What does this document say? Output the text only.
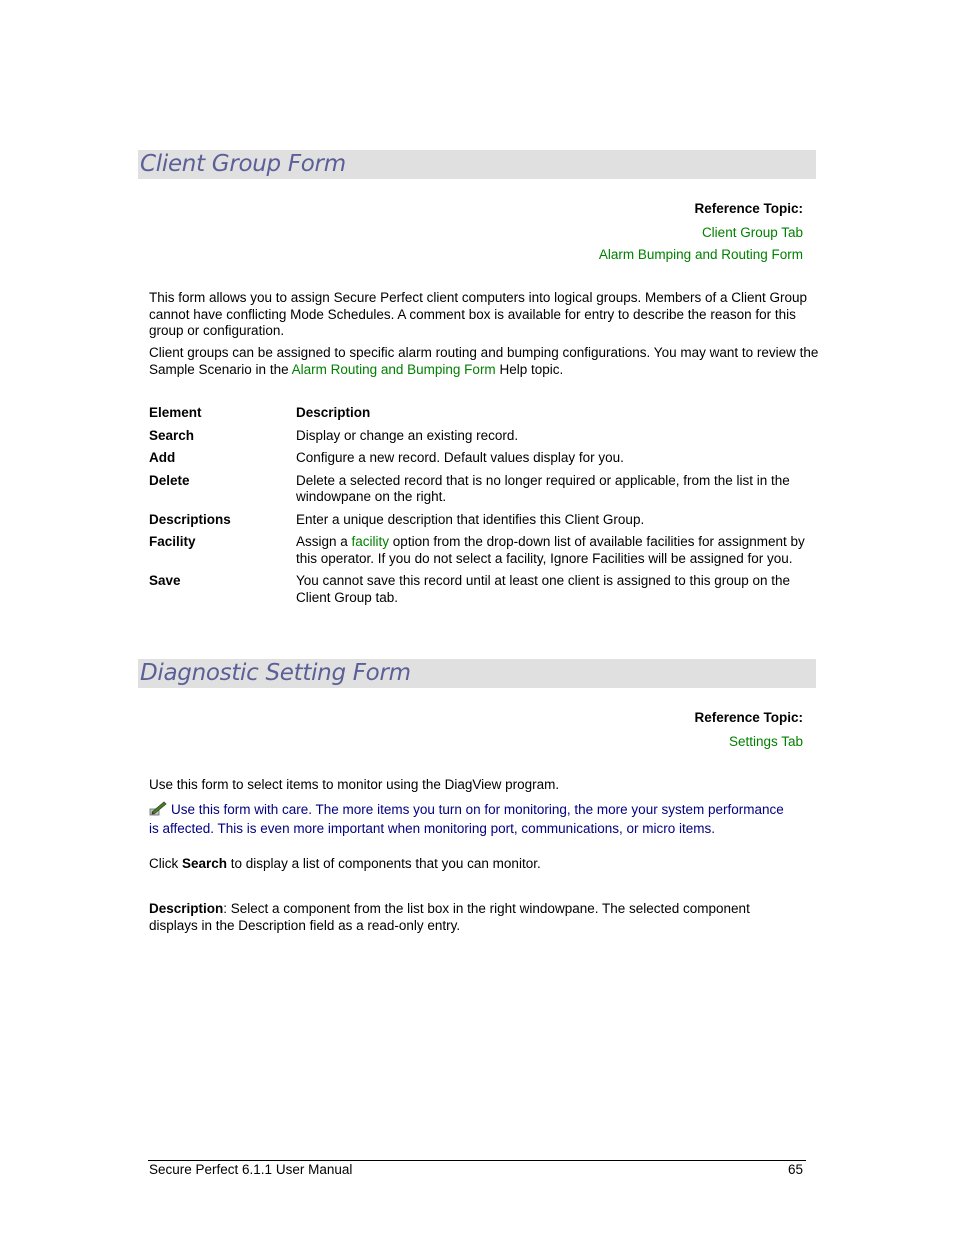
Client Group Form
Reference Topic:
Client Group Tab
Alarm Bumping and Routing Form

This form allows you to assign Secure Perfect client computers into logical groups. Members of a Client Group cannot have conflicting Mode Schedules. A comment box is available for entry to describe the reason for this group or configuration.

Client groups can be assigned to specific alarm routing and bumping configurations. You may want to review the Sample Scenario in the Alarm Routing and Bumping Form Help topic.

Element	Description
Search	Display or change an existing record.
Add	Configure a new record. Default values display for you.
Delete	Delete a selected record that is no longer required or applicable, from the list in the windowpane on the right.
Descriptions	Enter a unique description that identifies this Client Group.
Facility	Assign a facility option from the drop-down list of available facilities for assignment by this operator. If you do not select a facility, Ignore Facilities will be assigned for you.
Save	You cannot save this record until at least one client is assigned to this group on the Client Group tab.
Diagnostic Setting Form
Reference Topic:
Settings Tab

Use this form to select items to monitor using the DiagView program.

Use this form with care. The more items you turn on for monitoring, the more your system performance is affected. This is even more important when monitoring port, communications, or micro items.

Click Search to display a list of components that you can monitor.

Description: Select a component from the list box in the right windowpane. The selected component displays in the Description field as a read-only entry.

Secure Perfect 6.1.1 User Manual	65
